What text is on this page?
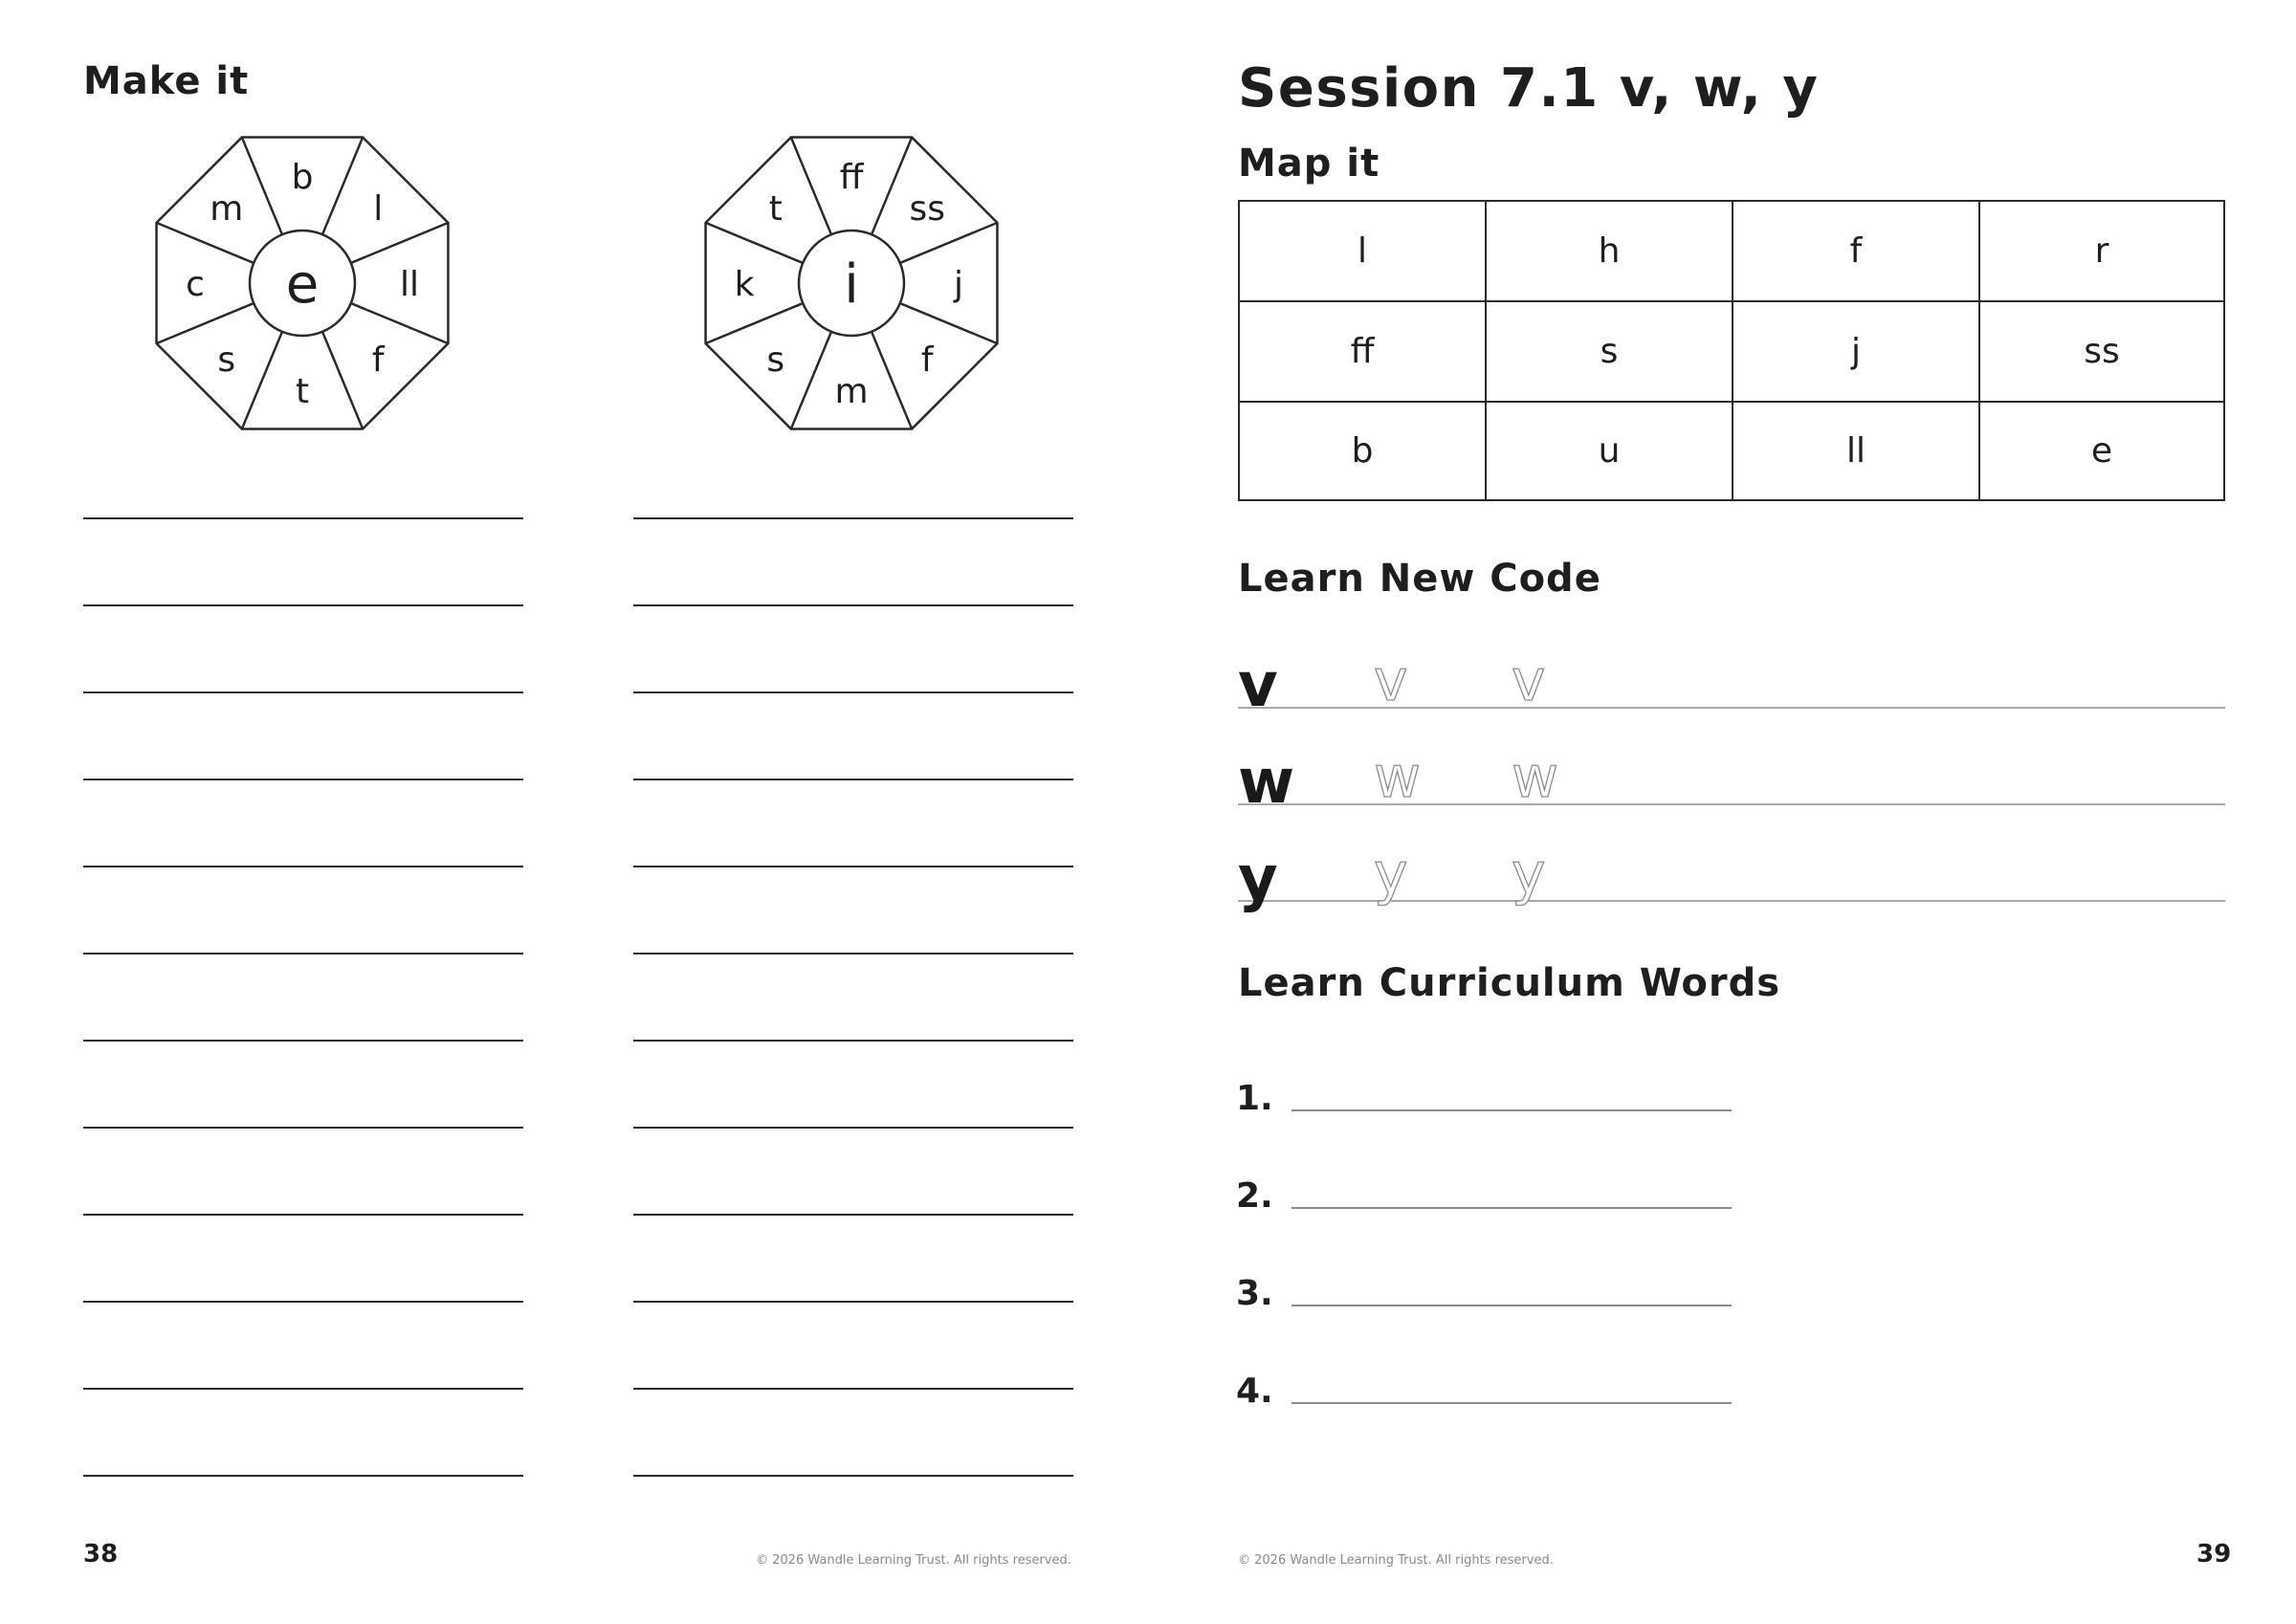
Make it
e
b
l
ll
f
t
s
c
m
i
ff
ss
j
f
m
s
k
t
38	© 2026 Wandle Learning Trust. All rights reserved.
Session 7.1 v, w, y
Map it
l	h	f	r
ff	s	j	ss
b	u	ll	e
Learn New Code
v v v
w w w
y y y
Learn Curriculum Words
1.
2.
3.
4.
© 2026 Wandle Learning Trust. All rights reserved.	39
